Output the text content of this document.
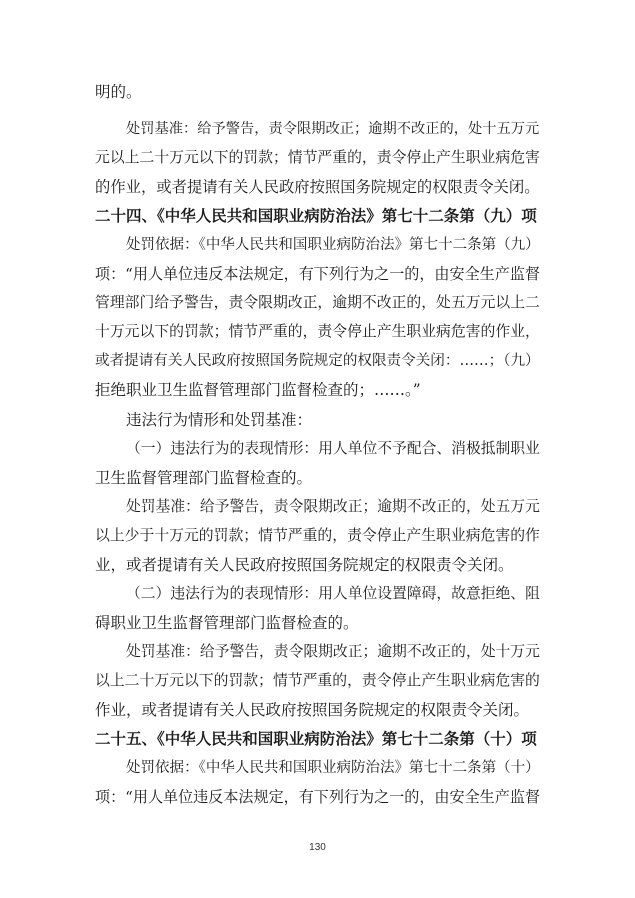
明的。
处罚基准：给予警告，责令限期改正；逾期不改正的，处十五万元
元以上二十万元以下的罚款；情节严重的，责令停止产生职业病危害
的作业，或者提请有关人民政府按照国务院规定的权限责令关闭。
二十四、《中华人民共和国职业病防治法》第七十二条第（九）项
处罚依据：《中华人民共和国职业病防治法》第七十二条第（九）
项：“用人单位违反本法规定，有下列行为之一的，由安全生产监督
管理部门给予警告，责令限期改正，逾期不改正的，处五万元以上二
十万元以下的罚款；情节严重的，责令停止产生职业病危害的作业，
或者提请有关人民政府按照国务院规定的权限责令关闭：……；（九）
拒绝职业卫生监督管理部门监督检查的；……。”
违法行为情形和处罚基准：
（一）违法行为的表现情形：用人单位不予配合、消极抵制职业
卫生监督管理部门监督检查的。
处罚基准：给予警告，责令限期改正；逾期不改正的，处五万元
以上少于十万元的罚款；情节严重的，责令停止产生职业病危害的作
业，或者提请有关人民政府按照国务院规定的权限责令关闭。
（二）违法行为的表现情形：用人单位设置障碍，故意拒绝、阻
碍职业卫生监督管理部门监督检查的。
处罚基准：给予警告，责令限期改正；逾期不改正的，处十万元
以上二十万元以下的罚款；情节严重的，责令停止产生职业病危害的
作业，或者提请有关人民政府按照国务院规定的权限责令关闭。
二十五、《中华人民共和国职业病防治法》第七十二条第（十）项
处罚依据：《中华人民共和国职业病防治法》第七十二条第（十）
项：“用人单位违反本法规定，有下列行为之一的，由安全生产监督
130
